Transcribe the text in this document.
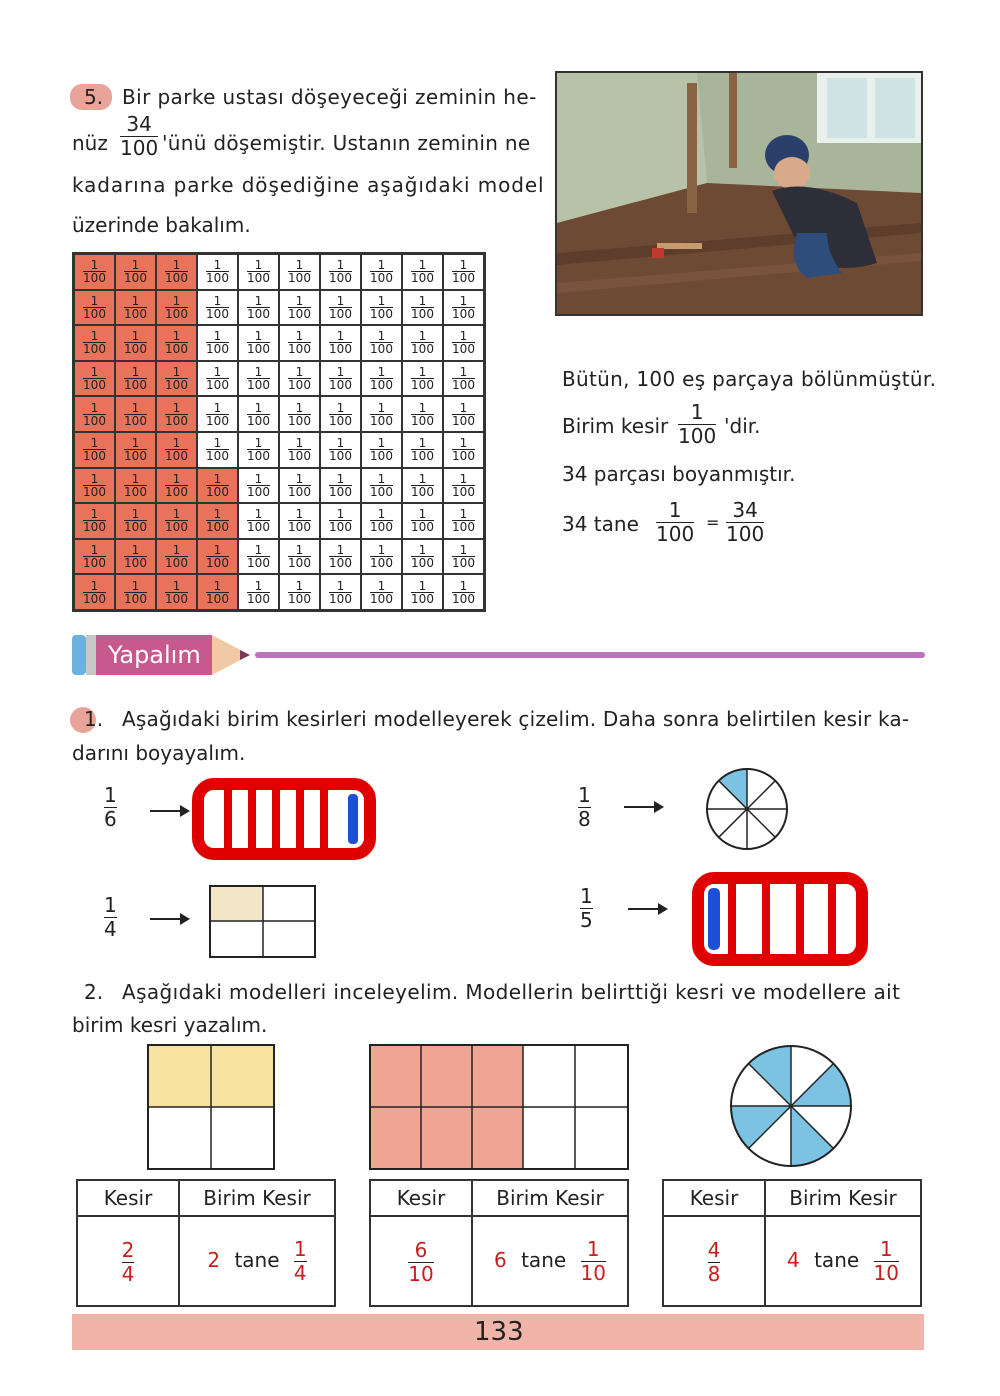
5. Bir parke ustası döşeyeceği zeminin he-
nüz
34
100 'ünü döşemiştir. Ustanın zeminin ne
kadarına parke döşediğine aşağıdaki model
üzerinde bakalım.
$\frac{1}{100} \frac{1}{100} \frac{1}{100} \frac{1}{100} \frac{1}{100} \frac{1}{100} \frac{1}{100} \frac{1}{100} \frac{1}{100} \frac{1}{100}$
$\frac{1}{100} \frac{1}{100} \frac{1}{100} \frac{1}{100} \frac{1}{100} \frac{1}{100} \frac{1}{100} \frac{1}{100} \frac{1}{100} \frac{1}{100}$
$\frac{1}{100} \frac{1}{100} \frac{1}{100} \frac{1}{100} \frac{1}{100} \frac{1}{100} \frac{1}{100} \frac{1}{100} \frac{1}{100} \frac{1}{100}$
$\frac{1}{100} \frac{1}{100} \frac{1}{100} \frac{1}{100} \frac{1}{100} \frac{1}{100} \frac{1}{100} \frac{1}{100} \frac{1}{100} \frac{1}{100}$
$\frac{1}{100} \frac{1}{100} \frac{1}{100} \frac{1}{100} \frac{1}{100} \frac{1}{100} \frac{1}{100} \frac{1}{100} \frac{1}{100} \frac{1}{100}$
$\frac{1}{100} \frac{1}{100} \frac{1}{100} \frac{1}{100} \frac{1}{100} \frac{1}{100} \frac{1}{100} \frac{1}{100} \frac{1}{100} \frac{1}{100}$
$\frac{1}{100} \frac{1}{100} \frac{1}{100} \frac{1}{100} \frac{1}{100} \frac{1}{100} \frac{1}{100} \frac{1}{100} \frac{1}{100} \frac{1}{100}$
$\frac{1}{100} \frac{1}{100} \frac{1}{100} \frac{1}{100} \frac{1}{100} \frac{1}{100} \frac{1}{100} \frac{1}{100} \frac{1}{100} \frac{1}{100}$
$\frac{1}{100} \frac{1}{100} \frac{1}{100} \frac{1}{100} \frac{1}{100} \frac{1}{100} \frac{1}{100} \frac{1}{100} \frac{1}{100} \frac{1}{100}$
$\frac{1}{100} \frac{1}{100} \frac{1}{100} \frac{1}{100} \frac{1}{100} \frac{1}{100} \frac{1}{100} \frac{1}{100} \frac{1}{100} \frac{1}{100}$
Bütün, 100 eş parçaya bölünmüştür.
Birim kesir
1
100 'dir.
34 parçası boyanmıştır.
34 tane
1
100 =
34
100
Yapalım
1. Aşağıdaki birim kesirleri modelleyerek çizelim. Daha sonra belirtilen kesir ka-
darını boyayalım.
1
6
1
8
1
4
1
5
2. Aşağıdaki modelleri inceleyelim. Modellerin belirttiği kesri ve modellere ait
birim kesri yazalım.
Kesir	Birim Kesir

$\frac{2}{4}$	2 tane $\frac{1}{4}$
Kesir	Birim Kesir

$\frac{6}{10}$	6 tane $\frac{1}{10}$
Kesir	Birim Kesir

$\frac{4}{8}$	4 tane $\frac{1}{10}$
133
